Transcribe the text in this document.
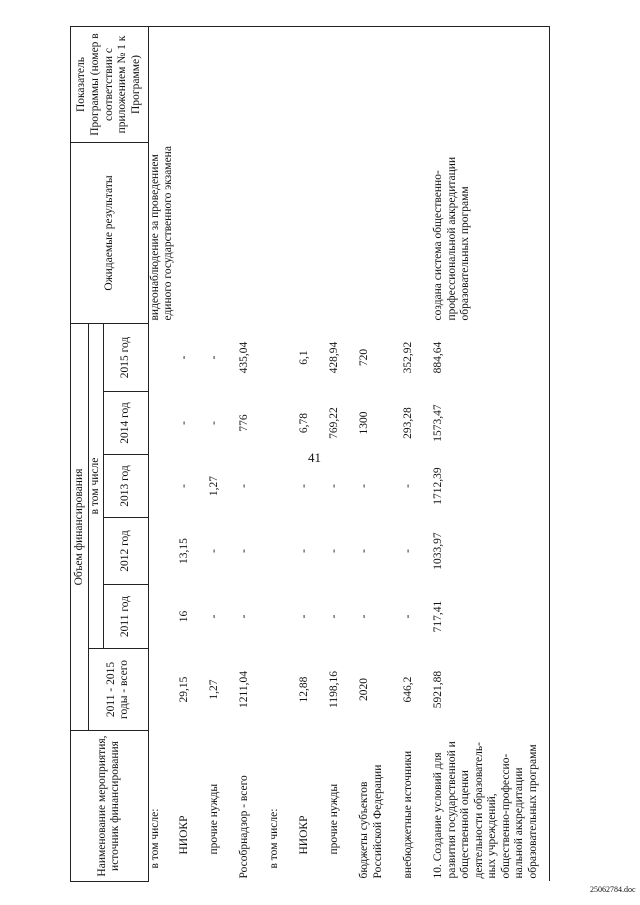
41
Наименование мероприятия, источник финансирования	Объем финансирования						Ожидаемые результаты	Показатель Программы (номер в соответствии с приложением № 1 к Программе)
	2011 - 2015 годы - всего	в том числе						
		2011 год	2012 год	2013 год	2014 год	2015 год		
в том числе:							видеонаблюдение за проведением единого государственного экзамена	
НИОКР	29,15	16	13,15	-	-	-		
прочие нужды	1,27	-	-	1,27	-	-		
Рособрнадзор - всего	1211,04	-	-	-	776	435,04		
в том числе:								
НИОКР	12,88	-	-	-	6,78	6,1		
прочие нужды	1198,16	-	-	-	769,22	428,94		
бюджеты субъектов Российской Федерации	2020	-	-	-	1300	720		
внебюджетные источники	646,2	-	-	-	293,28	352,92		
10. Создание условий для развития государственной и общественной оценки деятельности образователь-ных учреждений, общественно-профессио-нальной аккредитации образовательных программ	5921,88	717,41	1033,97	1712,39	1573,47	884,64	создана система общественно-профессиональной аккредитации образовательных программ	
25062784.doc
